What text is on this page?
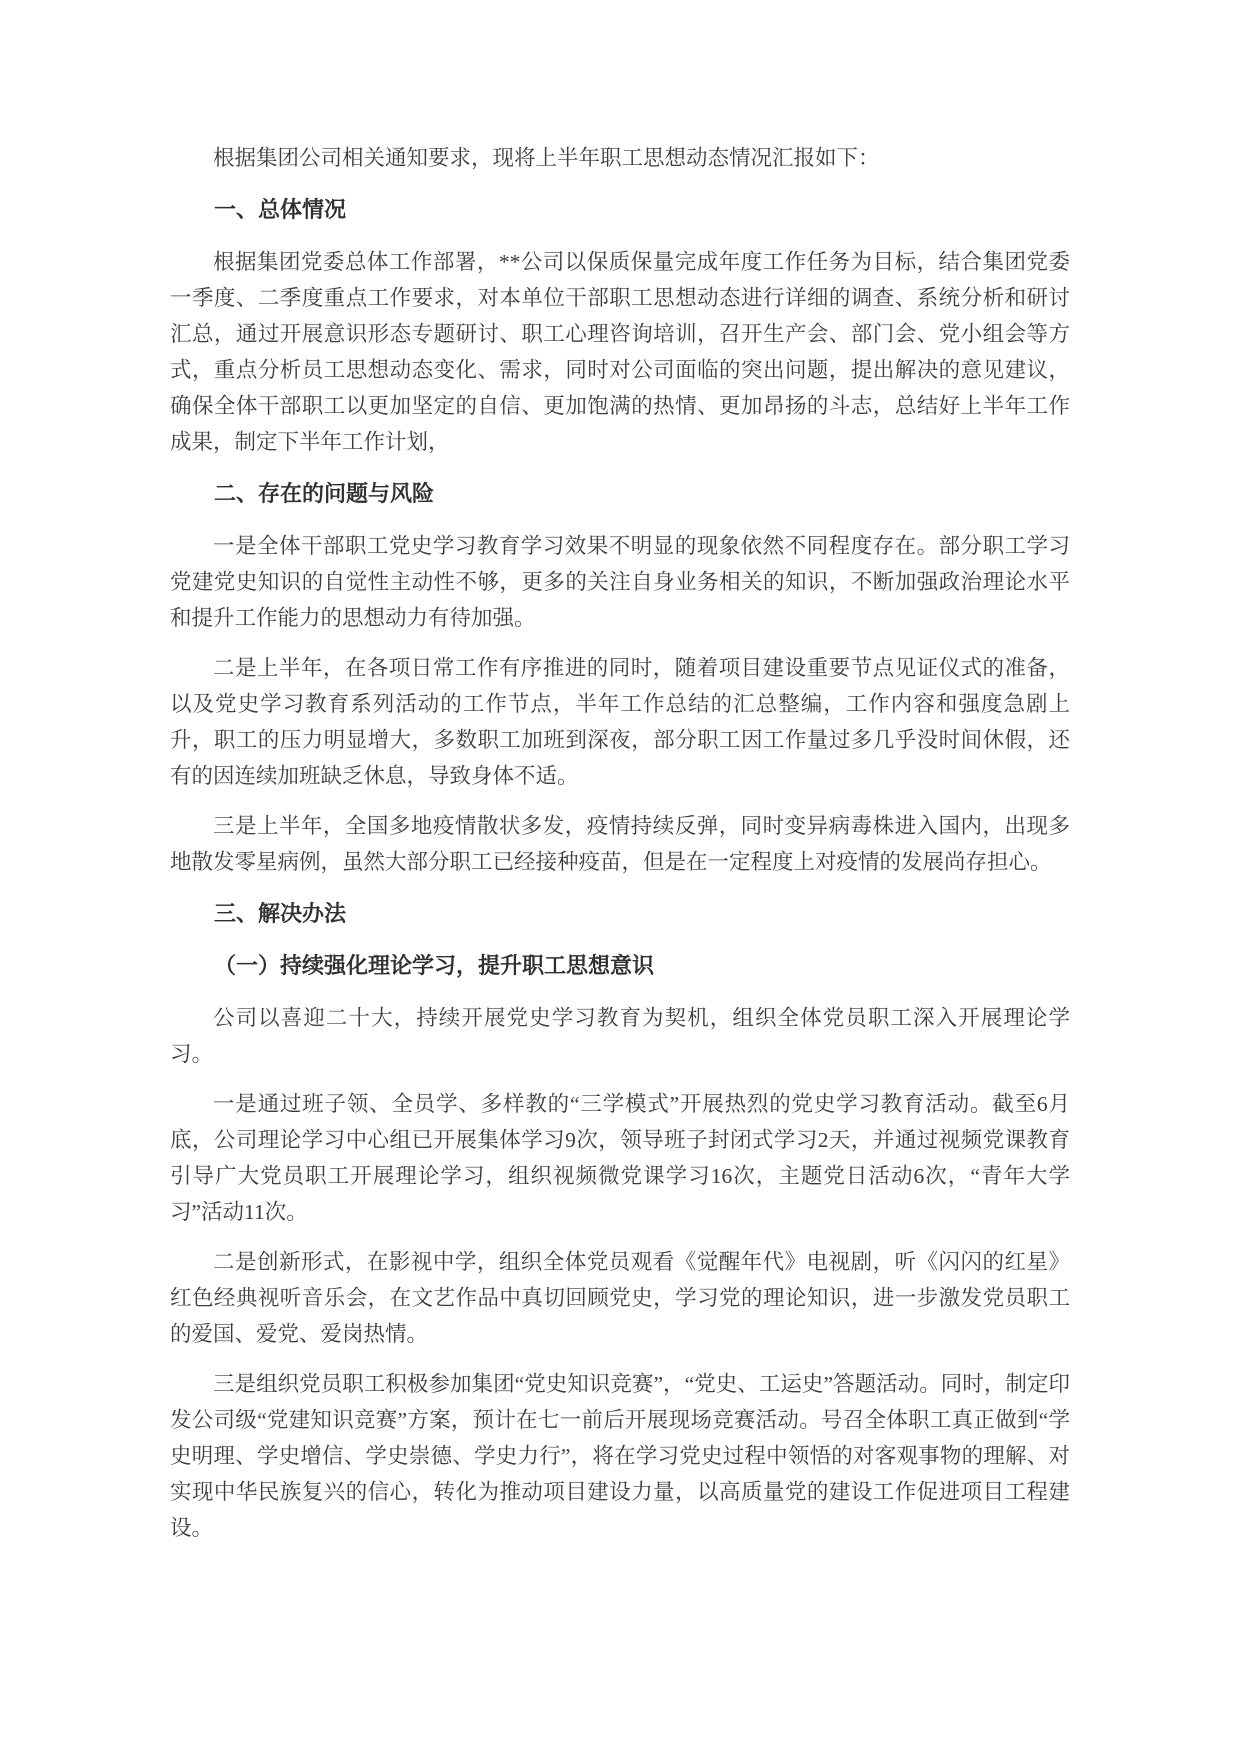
根据集团公司相关通知要求，现将上半年职工思想动态情况汇报如下：

一、总体情况

根据集团党委总体工作部署，**公司以保质保量完成年度工作任务为目标，结合集团党委一季度、二季度重点工作要求，对本单位干部职工思想动态进行详细的调查、系统分析和研讨汇总，通过开展意识形态专题研讨、职工心理咨询培训，召开生产会、部门会、党小组会等方式，重点分析员工思想动态变化、需求，同时对公司面临的突出问题，提出解决的意见建议，确保全体干部职工以更加坚定的自信、更加饱满的热情、更加昂扬的斗志，总结好上半年工作成果，制定下半年工作计划，

二、存在的问题与风险

一是全体干部职工党史学习教育学习效果不明显的现象依然不同程度存在。部分职工学习党建党史知识的自觉性主动性不够，更多的关注自身业务相关的知识，不断加强政治理论水平和提升工作能力的思想动力有待加强。

二是上半年，在各项日常工作有序推进的同时，随着项目建设重要节点见证仪式的准备，以及党史学习教育系列活动的工作节点，半年工作总结的汇总整编，工作内容和强度急剧上升，职工的压力明显增大，多数职工加班到深夜，部分职工因工作量过多几乎没时间休假，还有的因连续加班缺乏休息，导致身体不适。

三是上半年，全国多地疫情散状多发，疫情持续反弹，同时变异病毒株进入国内，出现多地散发零星病例，虽然大部分职工已经接种疫苗，但是在一定程度上对疫情的发展尚存担心。

三、解决办法

（一）持续强化理论学习，提升职工思想意识

公司以喜迎二十大，持续开展党史学习教育为契机，组织全体党员职工深入开展理论学习。

一是通过班子领、全员学、多样教的“三学模式”开展热烈的党史学习教育活动。截至6月底，公司理论学习中心组已开展集体学习9次，领导班子封闭式学习2天，并通过视频党课教育引导广大党员职工开展理论学习，组织视频微党课学习16次，主题党日活动6次，“青年大学习”活动11次。

二是创新形式，在影视中学，组织全体党员观看《觉醒年代》电视剧，听《闪闪的红星》红色经典视听音乐会，在文艺作品中真切回顾党史，学习党的理论知识，进一步激发党员职工的爱国、爱党、爱岗热情。

三是组织党员职工积极参加集团“党史知识竞赛”，“党史、工运史”答题活动。同时，制定印发公司级“党建知识竞赛”方案，预计在七一前后开展现场竞赛活动。号召全体职工真正做到“学史明理、学史增信、学史崇德、学史力行”，将在学习党史过程中领悟的对客观事物的理解、对实现中华民族复兴的信心，转化为推动项目建设力量，以高质量党的建设工作促进项目工程建设。
